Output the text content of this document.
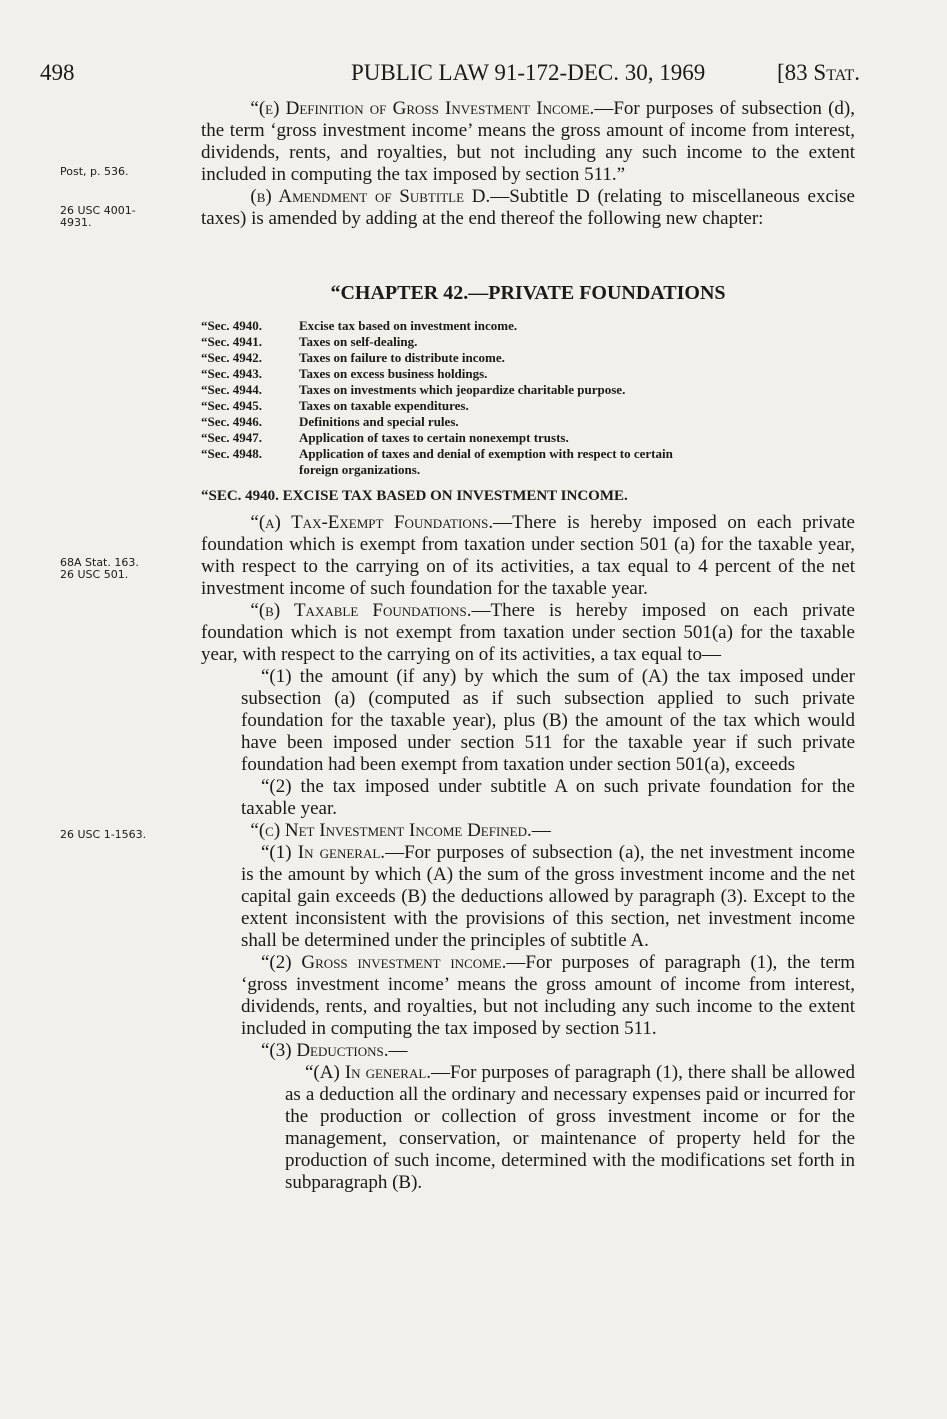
498	PUBLIC LAW 91-172-DEC. 30, 1969	[83 Stat.
Post, p. 536.
26 USC 4001-4931.
68A Stat. 163.
26 USC 501.
26 USC 1-1563.

“(e) Definition of Gross Investment Income.—For purposes of subsection (d), the term ‘gross investment income’ means the gross amount of income from interest, dividends, rents, and royalties, but not including any such income to the extent included in computing the tax imposed by section 511.”

(b) Amendment of Subtitle D.—Subtitle D (relating to miscellaneous excise taxes) is amended by adding at the end thereof the following new chapter:

“CHAPTER 42.—PRIVATE FOUNDATIONS
“Sec. 4940.	Excise tax based on investment income.
“Sec. 4941.	Taxes on self-dealing.
“Sec. 4942.	Taxes on failure to distribute income.
“Sec. 4943.	Taxes on excess business holdings.
“Sec. 4944.	Taxes on investments which jeopardize charitable purpose.
“Sec. 4945.	Taxes on taxable expenditures.
“Sec. 4946.	Definitions and special rules.
“Sec. 4947.	Application of taxes to certain nonexempt trusts.
“Sec. 4948.	Application of taxes and denial of exemption with respect to certain
foreign organizations.
“SEC. 4940. EXCISE TAX BASED ON INVESTMENT INCOME.

“(a) Tax-Exempt Foundations.—There is hereby imposed on each private foundation which is exempt from taxation under section 501 (a) for the taxable year, with respect to the carrying on of its activities, a tax equal to 4 percent of the net investment income of such foundation for the taxable year.

“(b) Taxable Foundations.—There is hereby imposed on each private foundation which is not exempt from taxation under section 501(a) for the taxable year, with respect to the carrying on of its activities, a tax equal to—

“(1) the amount (if any) by which the sum of (A) the tax imposed under subsection (a) (computed as if such subsection applied to such private foundation for the taxable year), plus (B) the amount of the tax which would have been imposed under section 511 for the taxable year if such private foundation had been exempt from taxation under section 501(a), exceeds

“(2) the tax imposed under subtitle A on such private foundation for the taxable year.

“(c) Net Investment Income Defined.—

“(1) In general.—For purposes of subsection (a), the net investment income is the amount by which (A) the sum of the gross investment income and the net capital gain exceeds (B) the deductions allowed by paragraph (3). Except to the extent inconsistent with the provisions of this section, net investment income shall be determined under the principles of subtitle A.

“(2) Gross investment income.—For purposes of paragraph (1), the term ‘gross investment income’ means the gross amount of income from interest, dividends, rents, and royalties, but not including any such income to the extent included in computing the tax imposed by section 511.

“(3) Deductions.—

“(A) In general.—For purposes of paragraph (1), there shall be allowed as a deduction all the ordinary and necessary expenses paid or incurred for the production or collection of gross investment income or for the management, conservation, or maintenance of property held for the production of such income, determined with the modifications set forth in subparagraph (B).
